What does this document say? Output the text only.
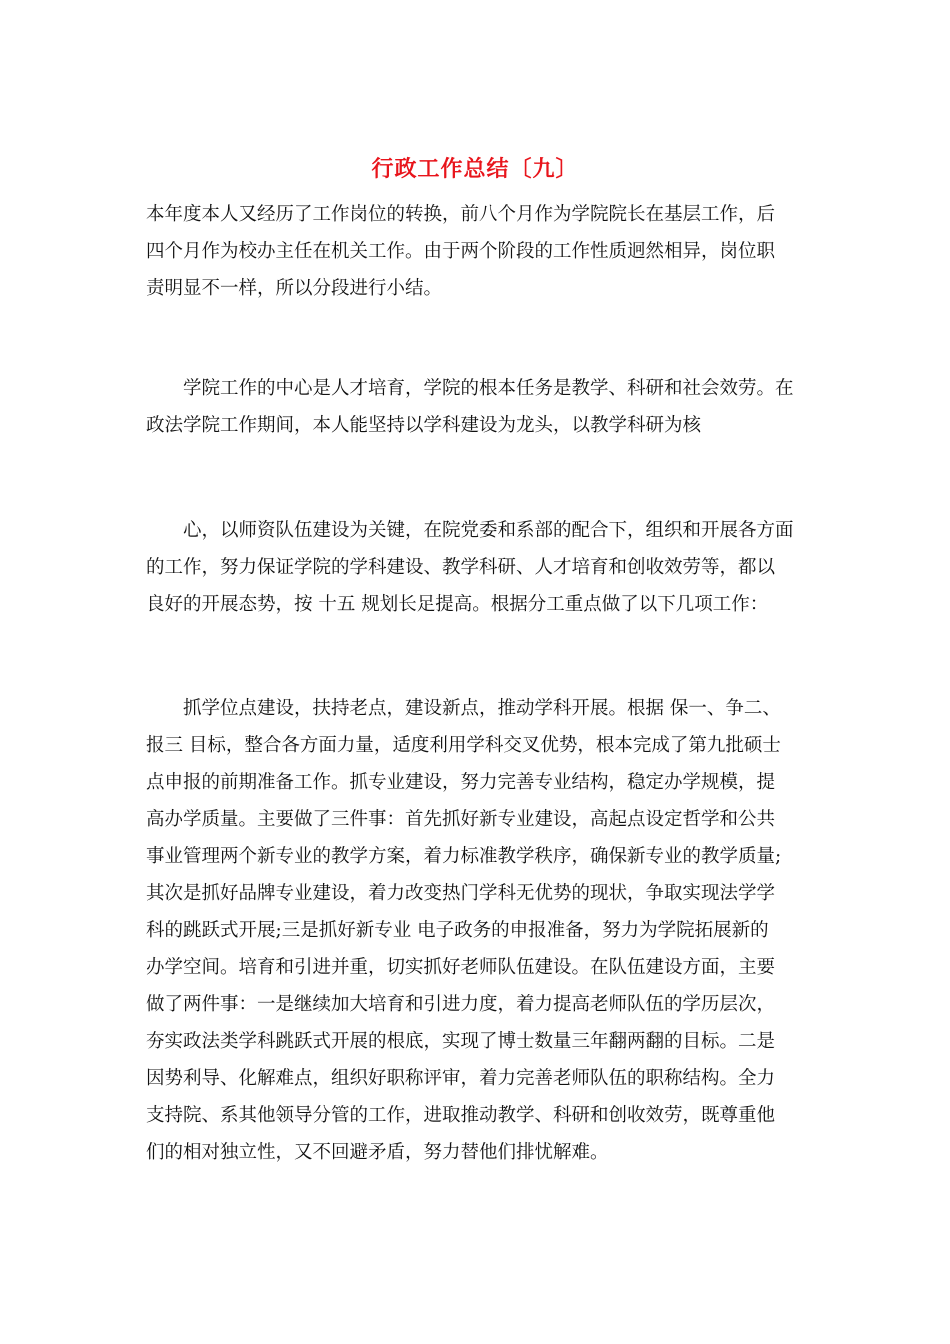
行政工作总结〔九〕

本年度本人又经历了工作岗位的转换，前八个月作为学院院长在基层工作，后
四个月作为校办主任在机关工作。由于两个阶段的工作性质迥然相异，岗位职
责明显不一样，所以分段进行小结。

　　学院工作的中心是人才培育，学院的根本任务是教学、科研和社会效劳。在
政法学院工作期间，本人能坚持以学科建设为龙头，以教学科研为核

　　心，以师资队伍建设为关键，在院党委和系部的配合下，组织和开展各方面
的工作，努力保证学院的学科建设、教学科研、人才培育和创收效劳等，都以
良好的开展态势，按 十五 规划长足提高。根据分工重点做了以下几项工作：

　　抓学位点建设，扶持老点，建设新点，推动学科开展。根据 保一、争二、
报三 目标，整合各方面力量，适度利用学科交叉优势，根本完成了第九批硕士
点申报的前期准备工作。抓专业建设，努力完善专业结构，稳定办学规模，提
高办学质量。主要做了三件事：首先抓好新专业建设，高起点设定哲学和公共
事业管理两个新专业的教学方案，着力标准教学秩序，确保新专业的教学质量;
其次是抓好品牌专业建设，着力改变热门学科无优势的现状，争取实现法学学
科的跳跃式开展;三是抓好新专业 电子政务的申报准备，努力为学院拓展新的
办学空间。培育和引进并重，切实抓好老师队伍建设。在队伍建设方面，主要
做了两件事：一是继续加大培育和引进力度，着力提高老师队伍的学历层次，
夯实政法类学科跳跃式开展的根底，实现了博士数量三年翻两翻的目标。二是
因势利导、化解难点，组织好职称评审，着力完善老师队伍的职称结构。全力
支持院、系其他领导分管的工作，进取推动教学、科研和创收效劳，既尊重他
们的相对独立性，又不回避矛盾，努力替他们排忧解难。
